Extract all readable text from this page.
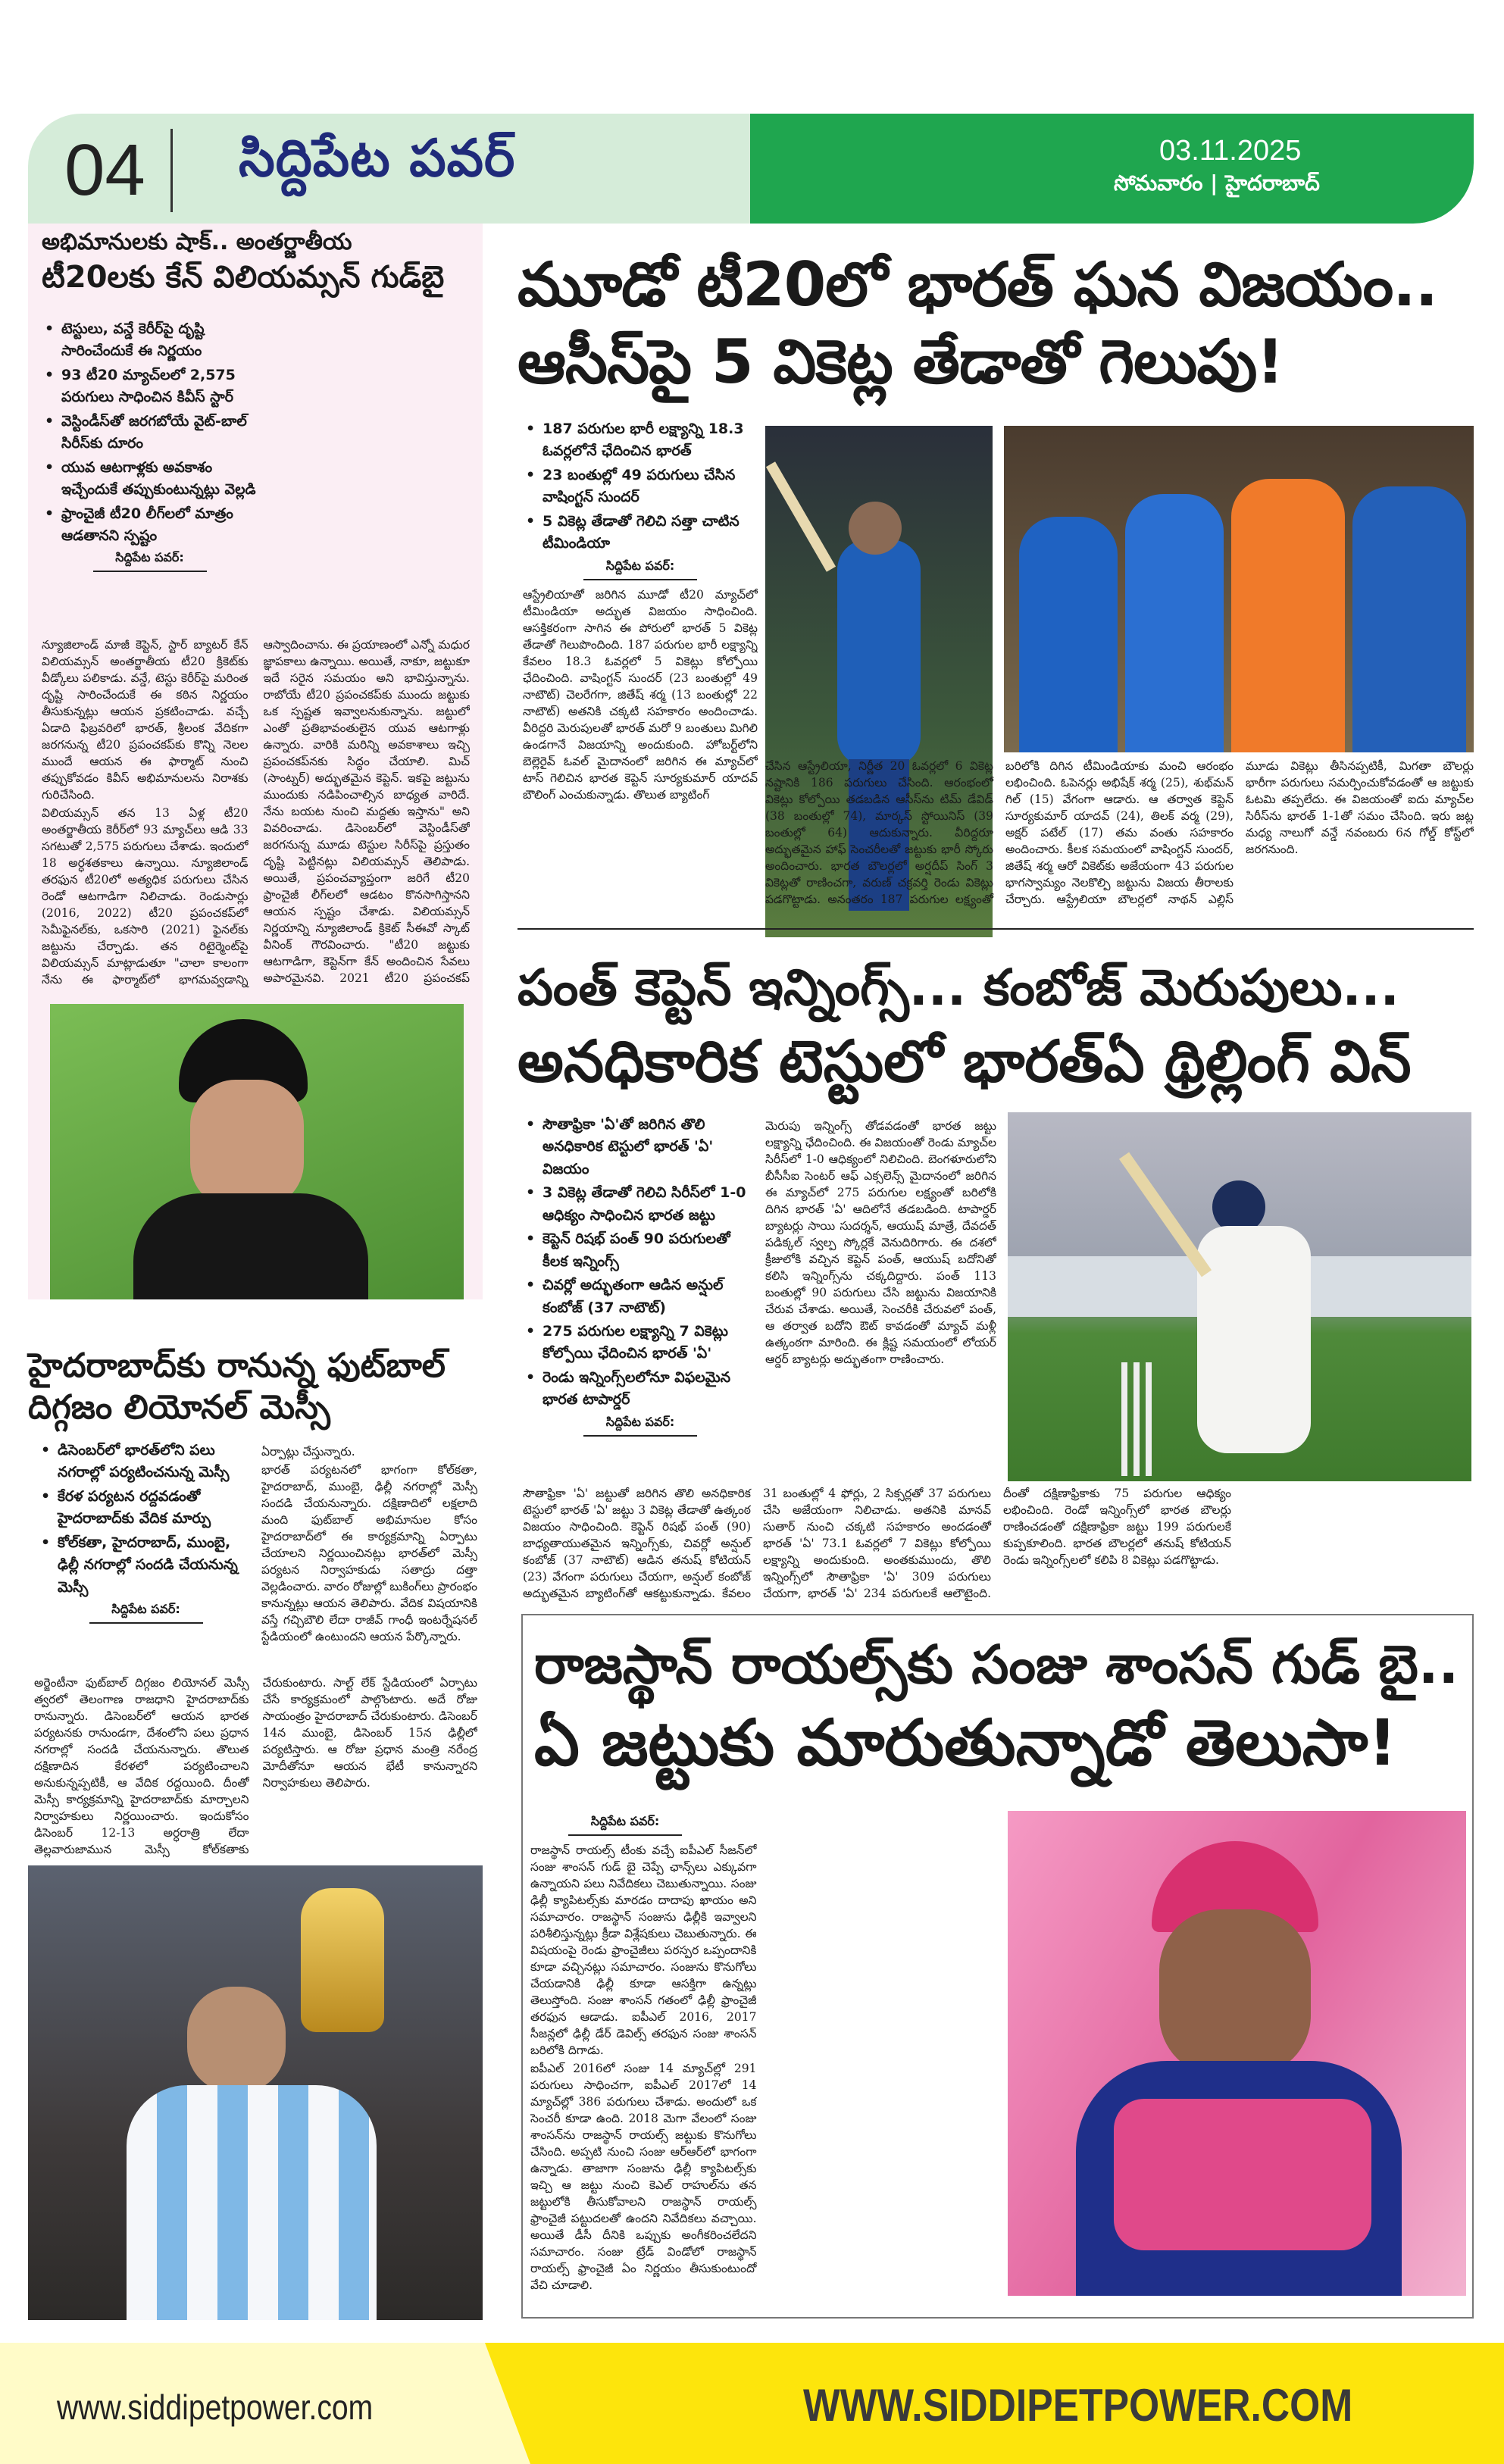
04 సిద్దిపేట పవర్	03.11.2025
సోమవారం | హైదరాబాద్
అభిమానులకు షాక్.. అంతర్జాతీయ
టీ20లకు కేన్ విలియమ్సన్ గుడ్‌బై
• టెస్టులు, వన్డే కెరీర్‌పై దృష్టి సారించేందుకే ఈ నిర్ణయం
• 93 టీ20 మ్యాచ్‌లలో 2,575 పరుగులు సాధించిన కివీస్ స్టార్
• వెస్టిండీస్‌తో జరగబోయే వైట్-బాల్ సిరీస్‌కు దూరం
• యువ ఆటగాళ్లకు అవకాశం ఇచ్చేందుకే తప్పుకుంటున్నట్లు వెల్లడి
• ఫ్రాంచైజీ టీ20 లీగ్‌లలో మాత్రం ఆడతానని స్పష్టం
సిద్దిపేట పవర్:

న్యూజిలాండ్ మాజీ కెప్టెన్, స్టార్ బ్యాటర్ కేన్ విలియమ్సన్ అంతర్జాతీయ టీ20 క్రికెట్‌కు వీడ్కోలు పలికాడు. వన్డే, టెస్టు కెరీర్‌పై మరింత దృష్టి సారించేందుకే ఈ కఠిన నిర్ణయం తీసుకున్నట్లు ఆయన ప్రకటించాడు. వచ్చే ఏడాది ఫిబ్రవరిలో భారత్, శ్రీలంక వేదికగా జరగనున్న టీ20 ప్రపంచకప్‌కు కొన్ని నెలల ముందే ఆయన ఈ ఫార్మాట్ నుంచి తప్పుకోవడం కివీస్ అభిమానులను నిరాశకు గురిచేసింది.

విలియమ్సన్ తన 13 ఏళ్ల టీ20 అంతర్జాతీయ కెరీర్‌లో 93 మ్యాచ్‌లు ఆడి 33 సగటుతో 2,575 పరుగులు చేశాడు. ఇందులో 18 అర్ధశతకాలు ఉన్నాయి. న్యూజిలాండ్ తరఫున టీ20లో అత్యధిక పరుగులు చేసిన రెండో ఆటగాడిగా నిలిచాడు. రెండుసార్లు (2016, 2022) టీ20 ప్రపంచకప్‌లో సెమీఫైనల్‌కు, ఒకసారి (2021) ఫైనల్‌కు జట్టును చేర్చాడు. తన రిటైర్మెంట్‌పై విలియమ్సన్ మాట్లాడుతూ "చాలా కాలంగా నేను ఈ ఫార్మాట్‌లో భాగమవ్వడాన్ని ఆస్వాదించాను. ఈ ప్రయాణంలో ఎన్నో మధుర జ్ఞాపకాలు ఉన్నాయి. అయితే, నాకూ, జట్టుకూ ఇదే సరైన సమయం అని భావిస్తున్నాను. రాబోయే టీ20 ప్రపంచకప్‌కు ముందు జట్టుకు ఒక స్పష్టత ఇవ్వాలనుకున్నాను. జట్టులో ఎంతో ప్రతిభావంతులైన యువ ఆటగాళ్లు ఉన్నారు. వారికి మరిన్ని అవకాశాలు ఇచ్చి ప్రపంచకప్‌నకు సిద్ధం చేయాలి. మిచ్ (సాంట్నర్) అద్భుతమైన కెప్టెన్. ఇకపై జట్టును ముందుకు నడిపించాల్సిన బాధ్యత వారిదే. నేను బయట నుంచి మద్దతు ఇస్తాను" అని వివరించాడు. డిసెంబర్‌లో వెస్టిండీస్‌తో జరగనున్న మూడు టెస్టుల సిరీస్‌పై ప్రస్తుతం దృష్టి పెట్టినట్లు విలియమ్సన్ తెలిపాడు. అయితే, ప్రపంచవ్యాప్తంగా జరిగే టీ20 ఫ్రాంచైజీ లీగ్‌లలో ఆడటం కొనసాగిస్తానని ఆయన స్పష్టం చేశాడు. విలియమ్సన్ నిర్ణయాన్ని న్యూజిలాండ్ క్రికెట్ సీఈవో స్కాట్ వీనింక్ గౌరవించారు. "టీ20 జట్టుకు ఆటగాడిగా, కెప్టెన్‌గా కేన్ అందించిన సేవలు అపారమైనవి. 2021 టీ20 ప్రపంచకప్

మూడో టీ20లో భారత్ ఘన విజయం..
ఆసీస్‌పై 5 వికెట్ల తేడాతో గెలుపు!
• 187 పరుగుల భారీ లక్ష్యాన్ని 18.3 ఓవర్లలోనే ఛేదించిన భారత్
• 23 బంతుల్లో 49 పరుగులు చేసిన వాషింగ్టన్ సుందర్
• 5 వికెట్ల తేడాతో గెలిచి సత్తా చాటిన టీమిండియా
సిద్దిపేట పవర్:

ఆస్ట్రేలియాతో జరిగిన మూడో టీ20 మ్యాచ్‌లో టీమిండియా అద్భుత విజయం సాధించింది. ఆసక్తికరంగా సాగిన ఈ పోరులో భారత్ 5 వికెట్ల తేడాతో గెలుపొందింది. 187 పరుగుల భారీ లక్ష్యాన్ని కేవలం 18.3 ఓవర్లలో 5 వికెట్లు కోల్పోయి ఛేదించింది. వాషింగ్టన్ సుందర్ (23 బంతుల్లో 49 నాటౌట్) చెలరేగగా, జితేష్ శర్మ (13 బంతుల్లో 22 నాటౌట్) అతనికి చక్కటి సహకారం అందించాడు. వీరిద్దరి మెరుపులతో భారత్ మరో 9 బంతులు మిగిలి ఉండగానే విజయాన్ని అందుకుంది. హోబర్ట్‌లోని బెల్లెరైవ్ ఓవల్ మైదానంలో జరిగిన ఈ మ్యాచ్‌లో టాస్ గెలిచిన భారత కెప్టెన్ సూర్యకుమార్ యాదవ్ బౌలింగ్ ఎంచుకున్నాడు. తొలుత బ్యాటింగ్

చేసిన ఆస్ట్రేలియా, నిర్ణీత 20 ఓవర్లలో 6 వికెట్ల నష్టానికి 186 పరుగులు చేసింది. ఆరంభంలో వికెట్లు కోల్పోయి తడబడిన ఆసీస్‌ను టిమ్ డేవిడ్ (38 బంతుల్లో 74), మార్కస్ స్టోయినిస్ (39 బంతుల్లో 64) ఆదుకున్నారు. వీరిద్దరూ అద్భుతమైన హాఫ్ సెంచరీలతో జట్టుకు భారీ స్కోరు అందించారు. భారత బౌలర్లలో అర్షదీప్ సింగ్ 3 వికెట్లతో రాణించగా, వరుణ్ చక్రవర్తి రెండు వికెట్లు పడగొట్టాడు. అనంతరం 187 పరుగుల లక్ష్యంతో బరిలోకి దిగిన టీమిండియాకు మంచి ఆరంభం లభించింది. ఓపెనర్లు అభిషేక్ శర్మ (25), శుభ్‌మన్ గిల్ (15) వేగంగా ఆడారు. ఆ తర్వాత కెప్టెన్ సూర్యకుమార్ యాదవ్ (24), తిలక్ వర్మ (29), అక్షర్ పటేల్ (17) తమ వంతు సహకారం అందించారు. కీలక సమయంలో వాషింగ్టన్ సుందర్, జితేష్ శర్మ ఆరో వికెట్‌కు అజేయంగా 43 పరుగుల భాగస్వామ్యం నెలకొల్పి జట్టును విజయ తీరాలకు చేర్చారు. ఆస్ట్రేలియా బౌలర్లలో నాథన్ ఎల్లిస్ మూడు వికెట్లు తీసినప్పటికీ, మిగతా బౌలర్లు భారీగా పరుగులు సమర్పించుకోవడంతో ఆ జట్టుకు ఓటమి తప్పలేదు. ఈ విజయంతో ఐదు మ్యాచ్‌ల సిరీస్‌ను భారత్ 1-1తో సమం చేసింది. ఇరు జట్ల మధ్య నాలుగో వన్డే నవంబరు 6న గోల్డ్ కోస్ట్‌లో జరగనుంది.

పంత్ కెప్టెన్ ఇన్నింగ్స్... కంబోజ్ మెరుపులు...
అనధికారిక టెస్టులో భారత్‌ఏ థ్రిల్లింగ్ విన్
• సౌతాఫ్రికా 'ఏ'తో జరిగిన తొలి అనధికారిక టెస్టులో భారత్ 'ఏ' విజయం
• 3 వికెట్ల తేడాతో గెలిచి సిరీస్‌లో 1-0 ఆధిక్యం సాధించిన భారత జట్టు
• కెప్టెన్ రిషభ్ పంత్ 90 పరుగులతో కీలక ఇన్నింగ్స్
• చివర్లో అద్భుతంగా ఆడిన అన్షుల్ కంబోజ్ (37 నాటౌట్)
• 275 పరుగుల లక్ష్యాన్ని 7 వికెట్లు కోల్పోయి ఛేదించిన భారత్ 'ఏ'
• రెండు ఇన్నింగ్స్‌లలోనూ విఫలమైన భారత టాపార్డర్
సిద్దిపేట పవర్:

మెరుపు ఇన్నింగ్స్ తోడవడంతో భారత జట్టు లక్ష్యాన్ని ఛేదించింది. ఈ విజయంతో రెండు మ్యాచ్‌ల సిరీస్‌లో 1-0 ఆధిక్యంలో నిలిచింది. బెంగళూరులోని బీసీసీఐ సెంటర్ ఆఫ్ ఎక్సలెన్స్ మైదానంలో జరిగిన ఈ మ్యాచ్‌లో 275 పరుగుల లక్ష్యంతో బరిలోకి దిగిన భారత్ 'ఏ' ఆదిలోనే తడబడింది. టాపార్డర్ బ్యాటర్లు సాయి సుదర్శన్, ఆయుష్ మాత్రే, దేవదత్ పడిక్కల్ స్వల్ప స్కోర్లకే వెనుదిరిగారు. ఈ దశలో క్రీజులోకి వచ్చిన కెప్టెన్ పంత్, ఆయుష్ బదోనితో కలిసి ఇన్నింగ్స్‌ను చక్కదిద్దారు. పంత్ 113 బంతుల్లో 90 పరుగులు చేసి జట్టును విజయానికి చేరువ చేశాడు. అయితే, సెంచరీకి చేరువలో పంత్, ఆ తర్వాత బదోని ఔట్ కావడంతో మ్యాచ్ మళ్లీ ఉత్కంఠగా మారింది. ఈ క్లిష్ట సమయంలో లోయర్ ఆర్డర్ బ్యాటర్లు అద్భుతంగా రాణించారు.

సౌతాఫ్రికా 'ఏ' జట్టుతో జరిగిన తొలి అనధికారిక టెస్టులో భారత్ 'ఏ' జట్టు 3 వికెట్ల తేడాతో ఉత్కంఠ విజయం సాధించింది. కెప్టెన్ రిషభ్ పంత్ (90) బాధ్యతాయుతమైన ఇన్నింగ్స్‌కు, చివర్లో అన్షుల్ కంబోజ్ (37 నాటౌట్) ఆడిన తనుష్ కోటియన్ (23) వేగంగా పరుగులు చేయగా, అన్షుల్ కంబోజ్ అద్భుతమైన బ్యాటింగ్‌తో ఆకట్టుకున్నాడు. కేవలం 31 బంతుల్లో 4 ఫోర్లు, 2 సిక్సర్లతో 37 పరుగులు చేసి అజేయంగా నిలిచాడు. అతనికి మానవ్ సుతార్ నుంచి చక్కటి సహకారం అందడంతో భారత్ 'ఏ' 73.1 ఓవర్లలో 7 వికెట్లు కోల్పోయి లక్ష్యాన్ని అందుకుంది. అంతకుముందు, తొలి ఇన్నింగ్స్‌లో సౌతాఫ్రికా 'ఏ' 309 పరుగులు చేయగా, భారత్ 'ఏ' 234 పరుగులకే ఆలౌటైంది. దీంతో దక్షిణాఫ్రికాకు 75 పరుగుల ఆధిక్యం లభించింది. రెండో ఇన్నింగ్స్‌లో భారత బౌలర్లు రాణించడంతో దక్షిణాఫ్రికా జట్టు 199 పరుగులకే కుప్పకూలింది. భారత బౌలర్లలో తనుష్ కోటియన్ రెండు ఇన్నింగ్స్‌లలో కలిపి 8 వికెట్లు పడగొట్టాడు.

హైదరాబాద్‌కు రానున్న ఫుట్‌బాల్ దిగ్గజం లియోనల్ మెస్సీ
• డిసెంబర్‌లో భారత్‌లోని పలు నగరాల్లో పర్యటించనున్న మెస్సీ
• కేరళ పర్యటన రద్దవడంతో హైదరాబాద్‌కు వేదిక మార్పు
• కోల్‌కతా, హైదరాబాద్, ముంబై, ఢిల్లీ నగరాల్లో సందడి చేయనున్న మెస్సీ
సిద్దిపేట పవర్:

ఏర్పాట్లు చేస్తున్నారు.

భారత్ పర్యటనలో భాగంగా కోల్‌కతా, హైదరాబాద్, ముంబై, ఢిల్లీ నగరాల్లో మెస్సీ సందడి చేయనున్నారు. దక్షిణాదిలో లక్షలాది మంది ఫుట్‌బాల్ అభిమానుల కోసం హైదరాబాద్‌లో ఈ కార్యక్రమాన్ని ఏర్పాటు చేయాలని నిర్ణయించినట్లు భారత్‌లో మెస్సీ పర్యటన నిర్వాహకుడు సతాద్రు దత్తా వెల్లడించారు. వారం రోజుల్లో బుకింగ్‌లు ప్రారంభం కానున్నట్లు ఆయన తెలిపారు. వేదిక విషయానికి వస్తే గచ్చిబౌలి లేదా రాజీవ్ గాంధీ ఇంటర్నేషనల్ స్టేడియంలో ఉంటుందని ఆయన పేర్కొన్నారు.

అర్జెంటీనా ఫుట్‌బాల్ దిగ్గజం లియోనల్ మెస్సీ త్వరలో తెలంగాణ రాజధాని హైదరాబాద్‌కు రానున్నారు. డిసెంబర్‌లో ఆయన భారత పర్యటనకు రానుండగా, దేశంలోని పలు ప్రధాన నగరాల్లో సందడి చేయనున్నారు. తొలుత దక్షిణాదిన కేరళలో పర్యటించాలని అనుకున్నప్పటికీ, ఆ వేదిక రద్దయింది. దీంతో మెస్సీ కార్యక్రమాన్ని హైదరాబాద్‌కు మార్చాలని నిర్వాహకులు నిర్ణయించారు. ఇందుకోసం డిసెంబర్ 12-13 అర్ధరాత్రి లేదా తెల్లవారుజామున మెస్సీ కోల్‌కతాకు చేరుకుంటారు. సాల్ట్ లేక్ స్టేడియంలో ఏర్పాటు చేసే కార్యక్రమంలో పాల్గొంటారు. అదే రోజు సాయంత్రం హైదరాబాద్ చేరుకుంటారు. డిసెంబర్ 14న ముంబై, డిసెంబర్ 15న ఢిల్లీలో పర్యటిస్తారు. ఆ రోజు ప్రధాన మంత్రి నరేంద్ర మోదీతోనూ ఆయన భేటీ కానున్నారని నిర్వాహకులు తెలిపారు.

రాజస్థాన్ రాయల్స్‌కు సంజు శాంసన్ గుడ్ బై..
ఏ జట్టుకు మారుతున్నాడో తెలుసా!
సిద్దిపేట పవర్:

రాజస్థాన్ రాయల్స్ టీంకు వచ్చే ఐపీఎల్ సీజన్‌లో సంజు శాంసన్ గుడ్ బై చెప్పే ఛాన్స్‌లు ఎక్కువగా ఉన్నాయని పలు నివేదికలు చెబుతున్నాయి. సంజు ఢిల్లీ క్యాపిటల్స్‌కు మారడం దాదాపు ఖాయం అని సమాచారం. రాజస్థాన్ సంజును ఢిల్లీకి ఇవ్వాలని పరిశీలిస్తున్నట్లు క్రీడా విశ్లేషకులు చెబుతున్నారు. ఈ విషయంపై రెండు ఫ్రాంచైజీలు పరస్పర ఒప్పందానికి కూడా వచ్చినట్లు సమాచారం. సంజును కొనుగోలు చేయడానికి ఢిల్లీ కూడా ఆసక్తిగా ఉన్నట్లు తెలుస్తోంది. సంజు శాంసన్ గతంలో ఢిల్లీ ఫ్రాంచైజీ తరఫున ఆడాడు. ఐపీఎల్ 2016, 2017 సీజన్లలో ఢిల్లీ డేర్ డెవిల్స్ తరఫున సంజు శాంసన్ బరిలోకి దిగాడు.

ఐపీఎల్ 2016లో సంజు 14 మ్యాచ్‌ల్లో 291 పరుగులు సాధించగా, ఐపీఎల్ 2017లో 14 మ్యాచ్‌ల్లో 386 పరుగులు చేశాడు. అందులో ఒక సెంచరీ కూడా ఉంది. 2018 మెగా వేలంలో సంజు శాంసన్‌ను రాజస్థాన్ రాయల్స్ జట్టుకు కొనుగోలు చేసింది. అప్పటి నుంచి సంజు ఆర్ఆర్‌లో భాగంగా ఉన్నాడు. తాజాగా సంజును ఢిల్లీ క్యాపిటల్స్‌కు ఇచ్చి ఆ జట్టు నుంచి కెఎల్ రాహుల్‌ను తన జట్టులోకి తీసుకోవాలని రాజస్థాన్ రాయల్స్ ఫ్రాంచైజీ పట్టుదలతో ఉందని నివేదికలు వచ్చాయి. అయితే డీసీ దీనికి ఒప్పుకు అంగీకరించలేదని సమాచారం. సంజు ట్రేడ్ విండోలో రాజస్థాన్ రాయల్స్ ఫ్రాంచైజీ ఏం నిర్ణయం తీసుకుంటుందో వేచి చూడాలి.

www.siddipetpower.com	WWW.SIDDIPETPOWER.COM
